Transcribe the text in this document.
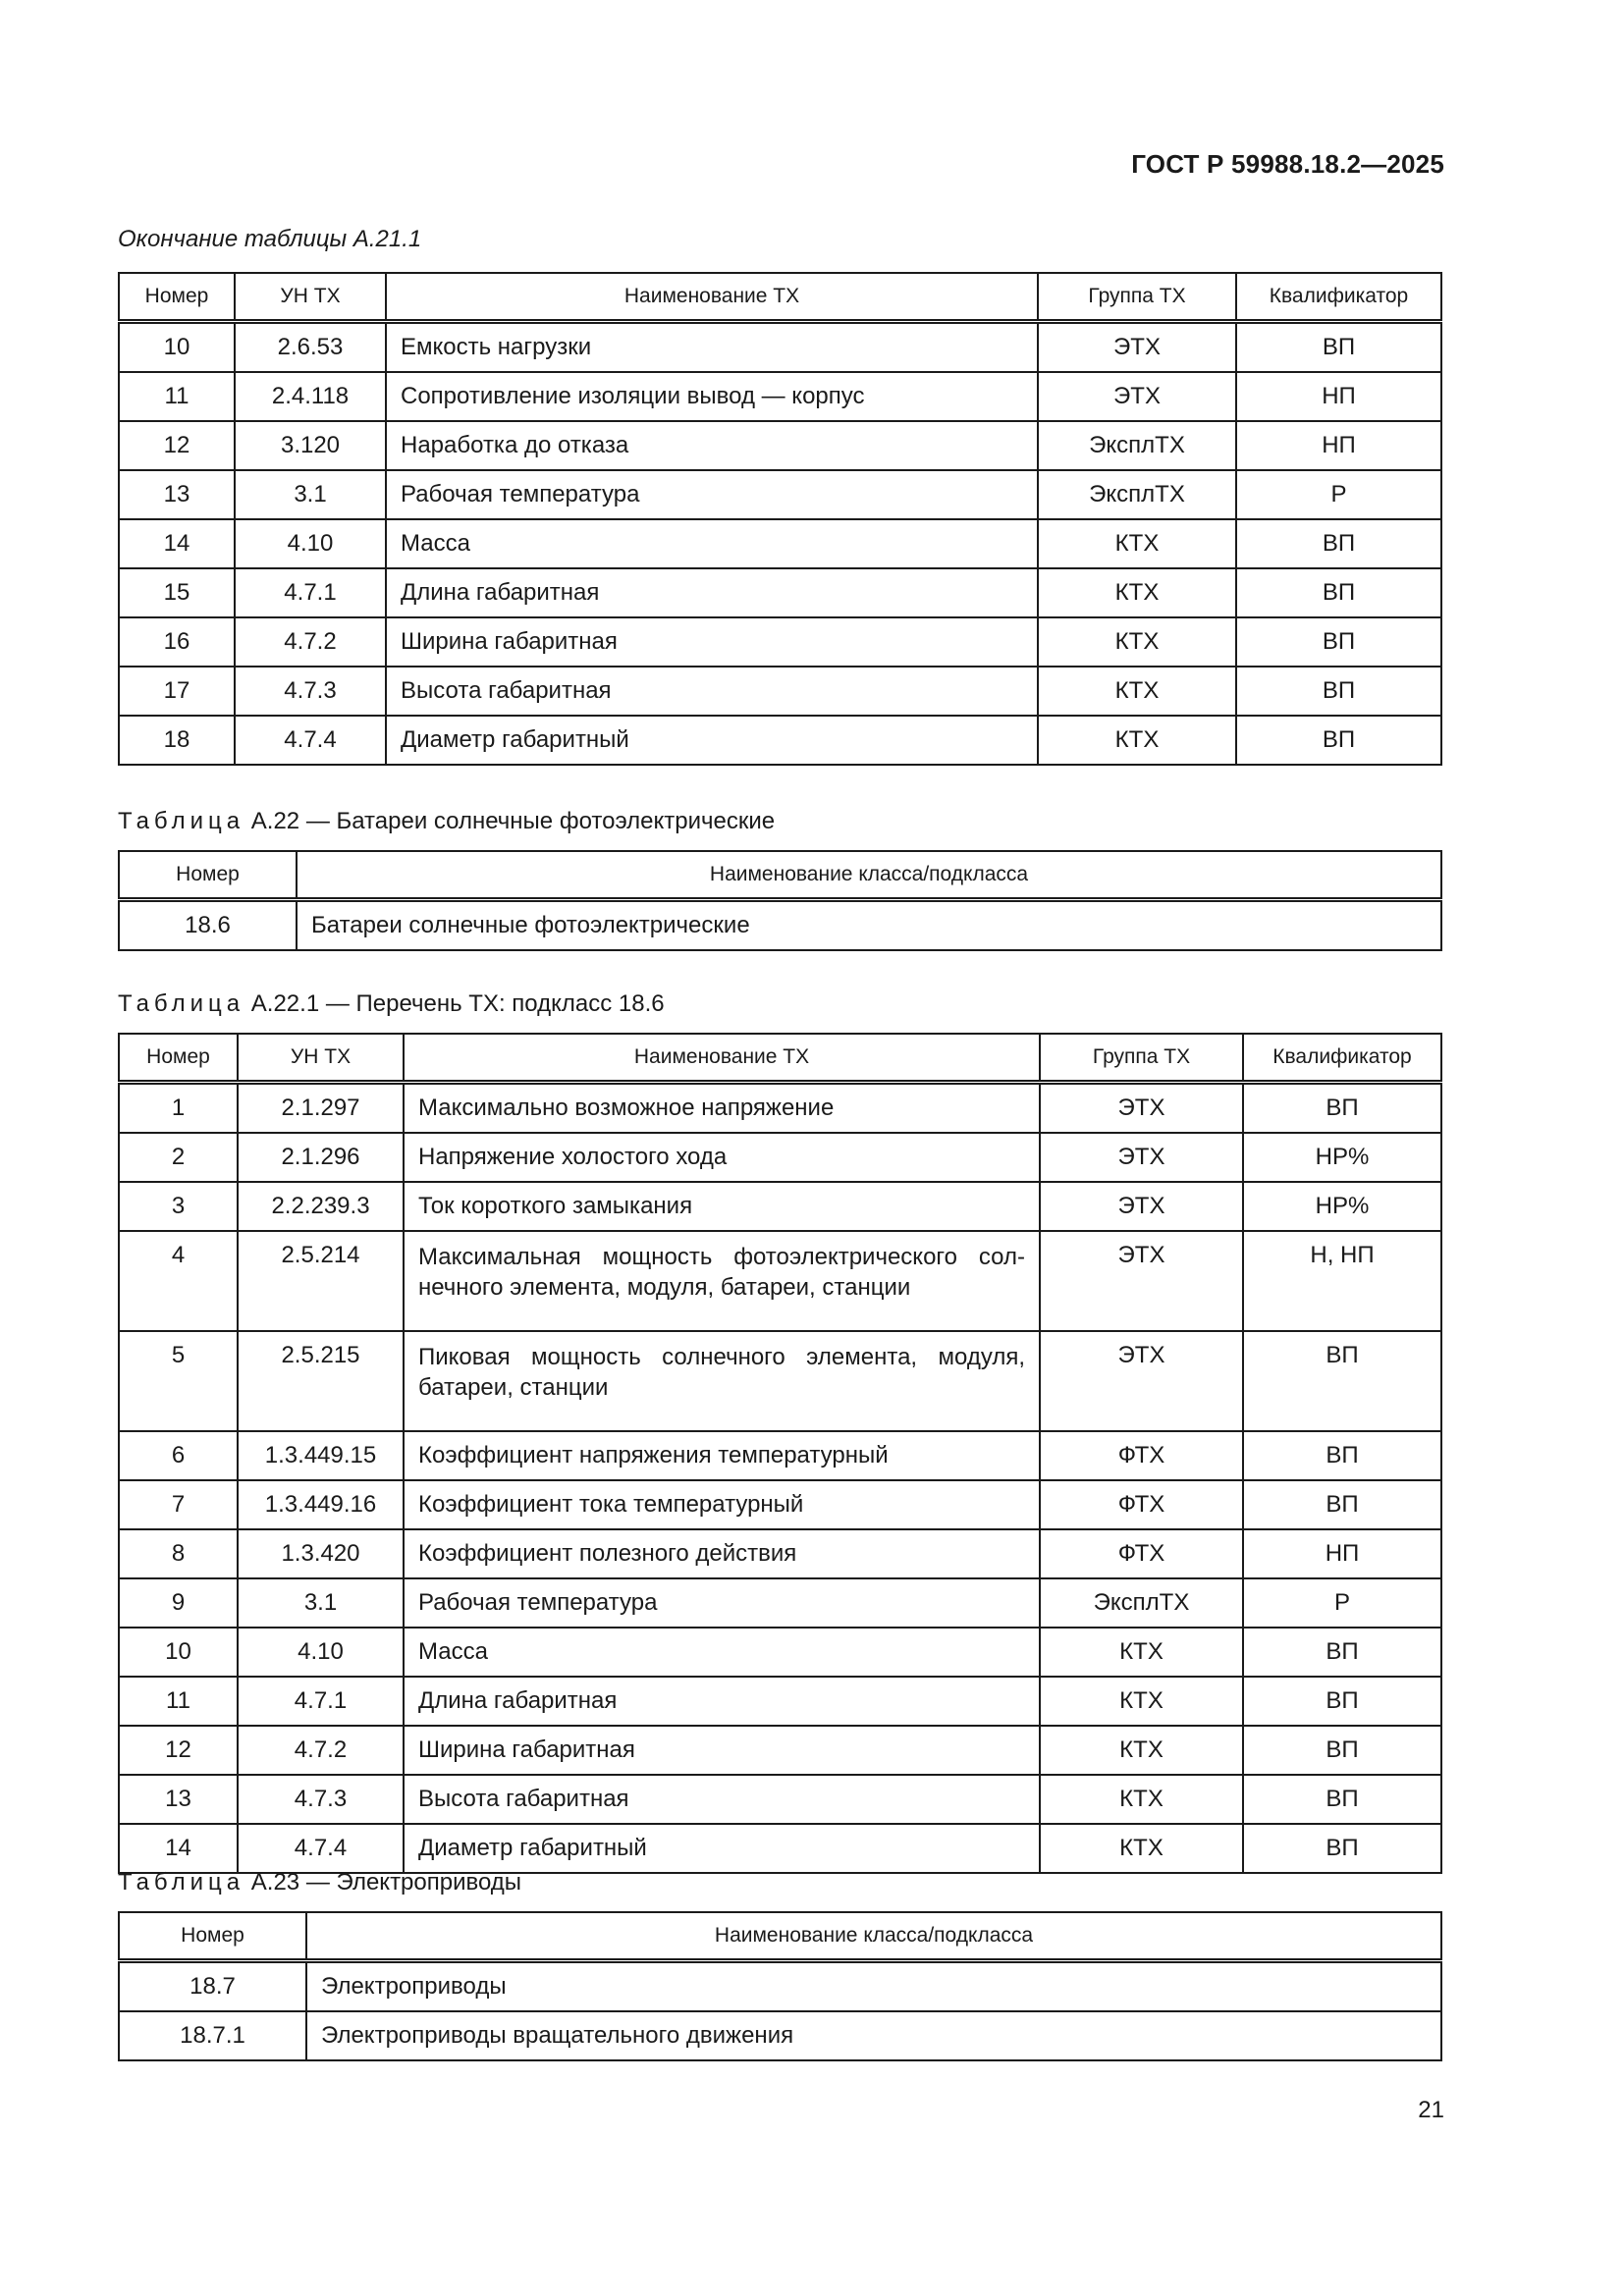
ГОСТ Р 59988.18.2—2025
Окончание таблицы А.21.1
Номер	УН ТХ	Наименование ТХ	Группа ТХ	Квалификатор
10	2.6.53	Емкость нагрузки	ЭТХ	ВП
11	2.4.118	Сопротивление изоляции вывод — корпус	ЭТХ	НП
12	3.120	Наработка до отказа	ЭксплТХ	НП
13	3.1	Рабочая температура	ЭксплТХ	Р
14	4.10	Масса	КТХ	ВП
15	4.7.1	Длина габаритная	КТХ	ВП
16	4.7.2	Ширина габаритная	КТХ	ВП
17	4.7.3	Высота габаритная	КТХ	ВП
18	4.7.4	Диаметр габаритный	КТХ	ВП
Таблица А.22 — Батареи солнечные фотоэлектрические
Номер	Наименование класса/подкласса
18.6	Батареи солнечные фотоэлектрические
Таблица А.22.1 — Перечень ТХ: подкласс 18.6
Номер	УН ТХ	Наименование ТХ	Группа ТХ	Квалификатор
1	2.1.297	Максимально возможное напряжение	ЭТХ	ВП
2	2.1.296	Напряжение холостого хода	ЭТХ	НР%
3	2.2.239.3	Ток короткого замыкания	ЭТХ	НР%
4	2.5.214	Максимальная мощность фотоэлектрического сол-нечного элемента, модуля, батареи, станции	ЭТХ	Н, НП
5	2.5.215	Пиковая мощность солнечного элемента, модуля, батареи, станции	ЭТХ	ВП
6	1.3.449.15	Коэффициент напряжения температурный	ФТХ	ВП
7	1.3.449.16	Коэффициент тока температурный	ФТХ	ВП
8	1.3.420	Коэффициент полезного действия	ФТХ	НП
9	3.1	Рабочая температура	ЭксплТХ	Р
10	4.10	Масса	КТХ	ВП
11	4.7.1	Длина габаритная	КТХ	ВП
12	4.7.2	Ширина габаритная	КТХ	ВП
13	4.7.3	Высота габаритная	КТХ	ВП
14	4.7.4	Диаметр габаритный	КТХ	ВП
Таблица А.23 — Электроприводы
Номер	Наименование класса/подкласса
18.7	Электроприводы
18.7.1	Электроприводы вращательного движения
21
